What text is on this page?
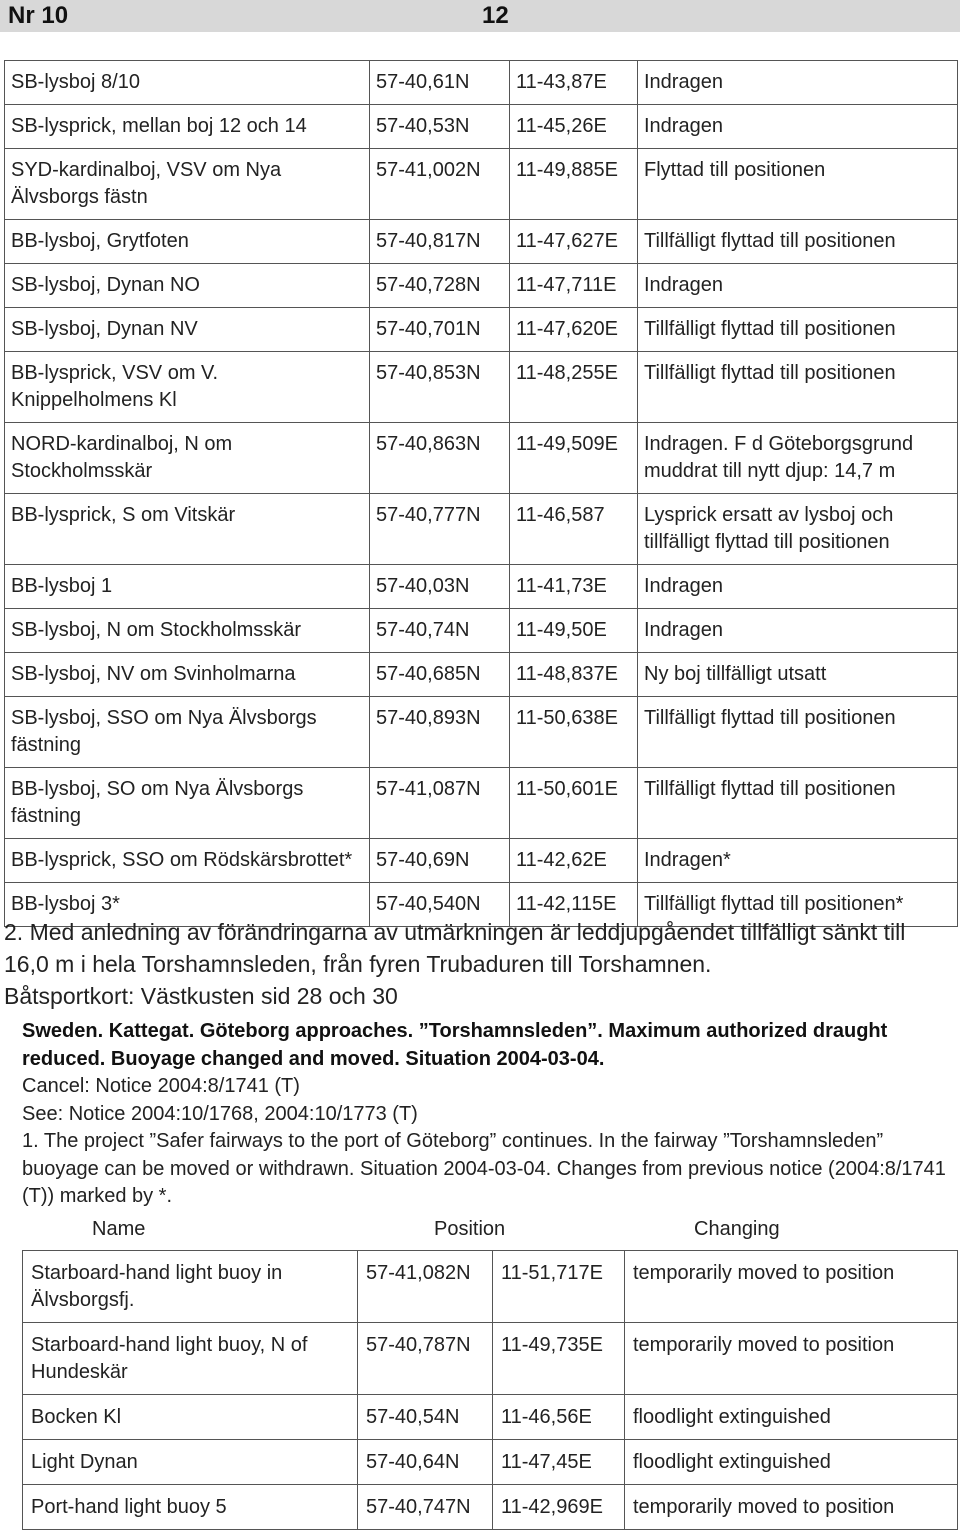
Nr 10	12
SB-lysboj 8/10	57-40,61N	11-43,87E	Indragen
SB-lysprick, mellan boj 12 och 14	57-40,53N	11-45,26E	Indragen
SYD-kardinalboj, VSV om Nya Älvsborgs fästn	57-41,002N	11-49,885E	Flyttad till positionen
BB-lysboj, Grytfoten	57-40,817N	11-47,627E	Tillfälligt flyttad till positionen
SB-lysboj, Dynan NO	57-40,728N	11-47,711E	Indragen
SB-lysboj, Dynan NV	57-40,701N	11-47,620E	Tillfälligt flyttad till positionen
BB-lysprick, VSV om V. Knippelholmens Kl	57-40,853N	11-48,255E	Tillfälligt flyttad till positionen
NORD-kardinalboj, N om Stockholmsskär	57-40,863N	11-49,509E	Indragen. F d Göteborgsgrund muddrat till nytt djup: 14,7 m
BB-lysprick, S om Vitskär	57-40,777N	11-46,587	Lysprick ersatt av lysboj och tillfälligt flyttad till positionen
BB-lysboj 1	57-40,03N	11-41,73E	Indragen
SB-lysboj, N om Stockholmsskär	57-40,74N	11-49,50E	Indragen
SB-lysboj, NV om Svinholmarna	57-40,685N	11-48,837E	Ny boj tillfälligt utsatt
SB-lysboj, SSO om Nya Älvsborgs fästning	57-40,893N	11-50,638E	Tillfälligt flyttad till positionen
BB-lysboj, SO om Nya Älvsborgs fästning	57-41,087N	11-50,601E	Tillfälligt flyttad till positionen
BB-lysprick, SSO om Rödskärsbrottet*	57-40,69N	11-42,62E	Indragen*
BB-lysboj 3*	57-40,540N	11-42,115E	Tillfälligt flyttad till positionen*
2. Med anledning av förändringarna av utmärkningen är leddjupgåendet tillfälligt sänkt till 16,0 m i hela Torshamnsleden, från fyren Trubaduren till Torshamnen.
Båtsportkort: Västkusten sid 28 och 30
Sweden. Kattegat. Göteborg approaches. ”Torshamnsleden”. Maximum authorized draught reduced. Buoyage changed and moved. Situation 2004-03-04.
Cancel: Notice 2004:8/1741 (T)
See: Notice 2004:10/1768, 2004:10/1773 (T)
1. The project ”Safer fairways to the port of Göteborg” continues. In the fairway ”Torshamnsleden” buoyage can be moved or withdrawn. Situation 2004-03-04. Changes from previous notice (2004:8/1741 (T)) marked by *.
Name	Position	Changing
Starboard-hand light buoy in Älvsborgsfj.	57-41,082N	11-51,717E	temporarily moved to position
Starboard-hand light buoy, N of Hundeskär	57-40,787N	11-49,735E	temporarily moved to position
Bocken Kl	57-40,54N	11-46,56E	floodlight extinguished
Light Dynan	57-40,64N	11-47,45E	floodlight extinguished
Port-hand light buoy 5	57-40,747N	11-42,969E	temporarily moved to position
